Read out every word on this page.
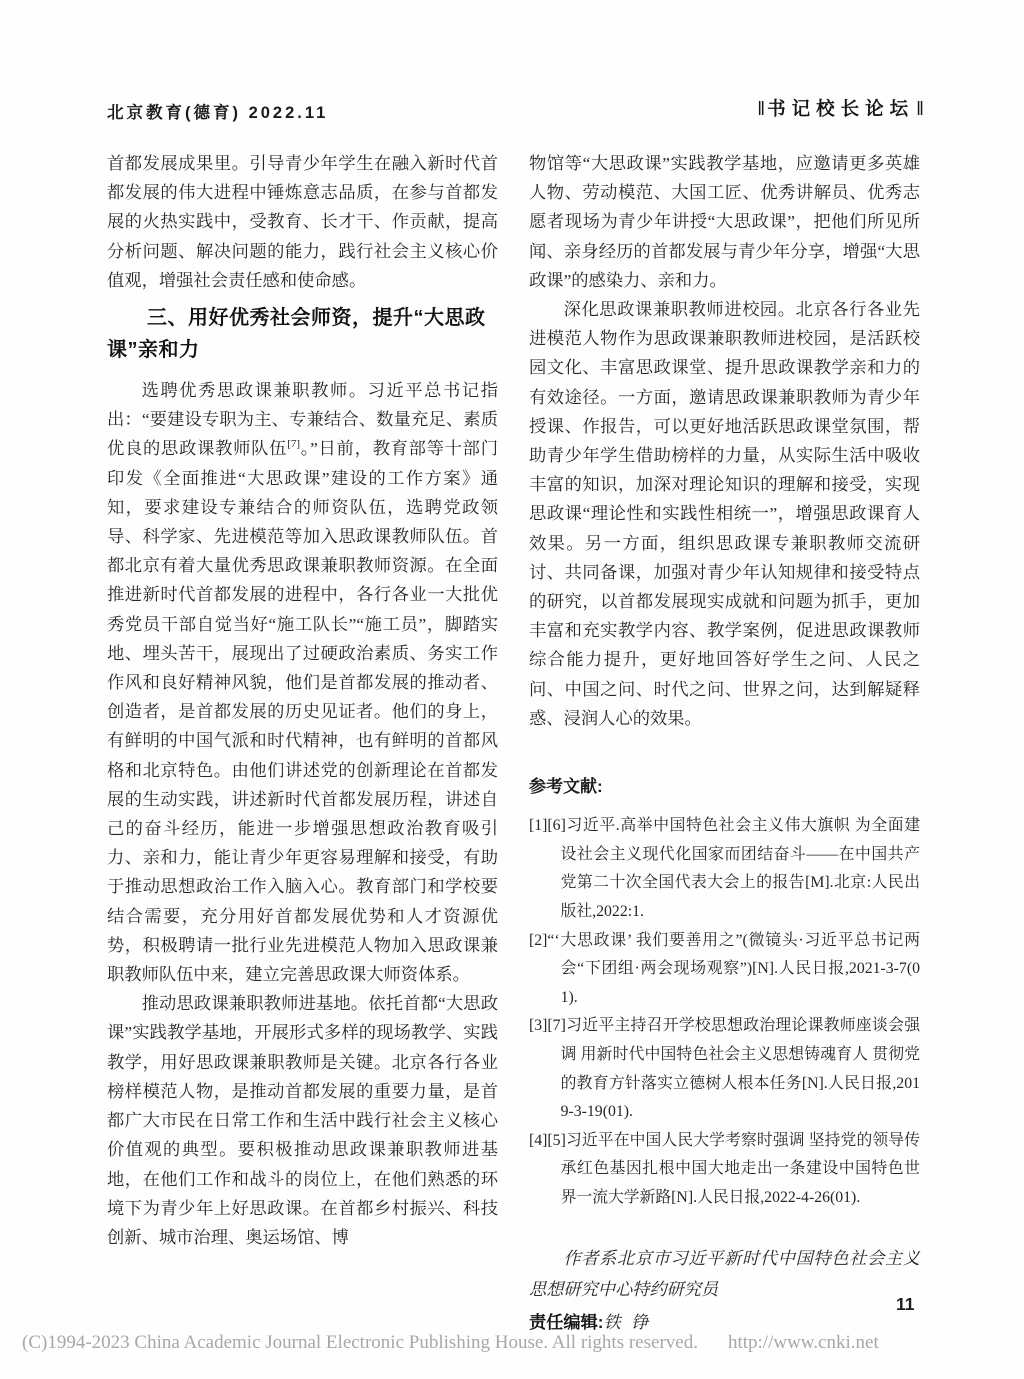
北京教育(德育) 2022.11	‖ 书记校长论坛 ‖

首都发展成果里。引导青少年学生在融入新时代首都发展的伟大进程中锤炼意志品质，在参与首都发展的火热实践中，受教育、长才干、作贡献，提高分析问题、解决问题的能力，践行社会主义核心价值观，增强社会责任感和使命感。

三、用好优秀社会师资，提升“大思政课”亲和力

选聘优秀思政课兼职教师。习近平总书记指出：“要建设专职为主、专兼结合、数量充足、素质优良的思政课教师队伍[7]。”日前，教育部等十部门印发《全面推进“大思政课”建设的工作方案》通知，要求建设专兼结合的师资队伍，选聘党政领导、科学家、先进模范等加入思政课教师队伍。首都北京有着大量优秀思政课兼职教师资源。在全面推进新时代首都发展的进程中，各行各业一大批优秀党员干部自觉当好“施工队长”“施工员”，脚踏实地、埋头苦干，展现出了过硬政治素质、务实工作作风和良好精神风貌，他们是首都发展的推动者、创造者，是首都发展的历史见证者。他们的身上，有鲜明的中国气派和时代精神，也有鲜明的首都风格和北京特色。由他们讲述党的创新理论在首都发展的生动实践，讲述新时代首都发展历程，讲述自己的奋斗经历，能进一步增强思想政治教育吸引力、亲和力，能让青少年更容易理解和接受，有助于推动思想政治工作入脑入心。教育部门和学校要结合需要，充分用好首都发展优势和人才资源优势，积极聘请一批行业先进模范人物加入思政课兼职教师队伍中来，建立完善思政课大师资体系。

推动思政课兼职教师进基地。依托首都“大思政课”实践教学基地，开展形式多样的现场教学、实践教学，用好思政课兼职教师是关键。北京各行各业榜样模范人物，是推动首都发展的重要力量，是首都广大市民在日常工作和生活中践行社会主义核心价值观的典型。要积极推动思政课兼职教师进基地，在他们工作和战斗的岗位上，在他们熟悉的环境下为青少年上好思政课。在首都乡村振兴、科技创新、城市治理、奥运场馆、博

物馆等“大思政课”实践教学基地，应邀请更多英雄人物、劳动模范、大国工匠、优秀讲解员、优秀志愿者现场为青少年讲授“大思政课”，把他们所见所闻、亲身经历的首都发展与青少年分享，增强“大思政课”的感染力、亲和力。

深化思政课兼职教师进校园。北京各行各业先进模范人物作为思政课兼职教师进校园，是活跃校园文化、丰富思政课堂、提升思政课教学亲和力的有效途径。一方面，邀请思政课兼职教师为青少年授课、作报告，可以更好地活跃思政课堂氛围，帮助青少年学生借助榜样的力量，从实际生活中吸收丰富的知识，加深对理论知识的理解和接受，实现思政课“理论性和实践性相统一”，增强思政课育人效果。另一方面，组织思政课专兼职教师交流研讨、共同备课，加强对青少年认知规律和接受特点的研究，以首都发展现实成就和问题为抓手，更加丰富和充实教学内容、教学案例，促进思政课教师综合能力提升，更好地回答好学生之问、人民之问、中国之问、时代之问、世界之问，达到解疑释惑、浸润人心的效果。

参考文献:

[1][6]习近平.高举中国特色社会主义伟大旗帜 为全面建设社会主义现代化国家而团结奋斗——在中国共产党第二十次全国代表大会上的报告[M].北京:人民出版社,2022:1.

[2]“‘大思政课’ 我们要善用之”(微镜头·习近平总书记两会“下团组·两会现场观察”)[N].人民日报,2021-3-7(01).

[3][7]习近平主持召开学校思想政治理论课教师座谈会强调 用新时代中国特色社会主义思想铸魂育人 贯彻党的教育方针落实立德树人根本任务[N].人民日报,2019-3-19(01).

[4][5]习近平在中国人民大学考察时强调 坚持党的领导传承红色基因扎根中国大地走出一条建设中国特色世界一流大学新路[N].人民日报,2022-4-26(01).

作者系北京市习近平新时代中国特色社会主义思想研究中心特约研究员

责任编辑:铁 铮

11
(C)1994-2023 China Academic Journal Electronic Publishing House. All rights reserved. http://www.cnki.net
